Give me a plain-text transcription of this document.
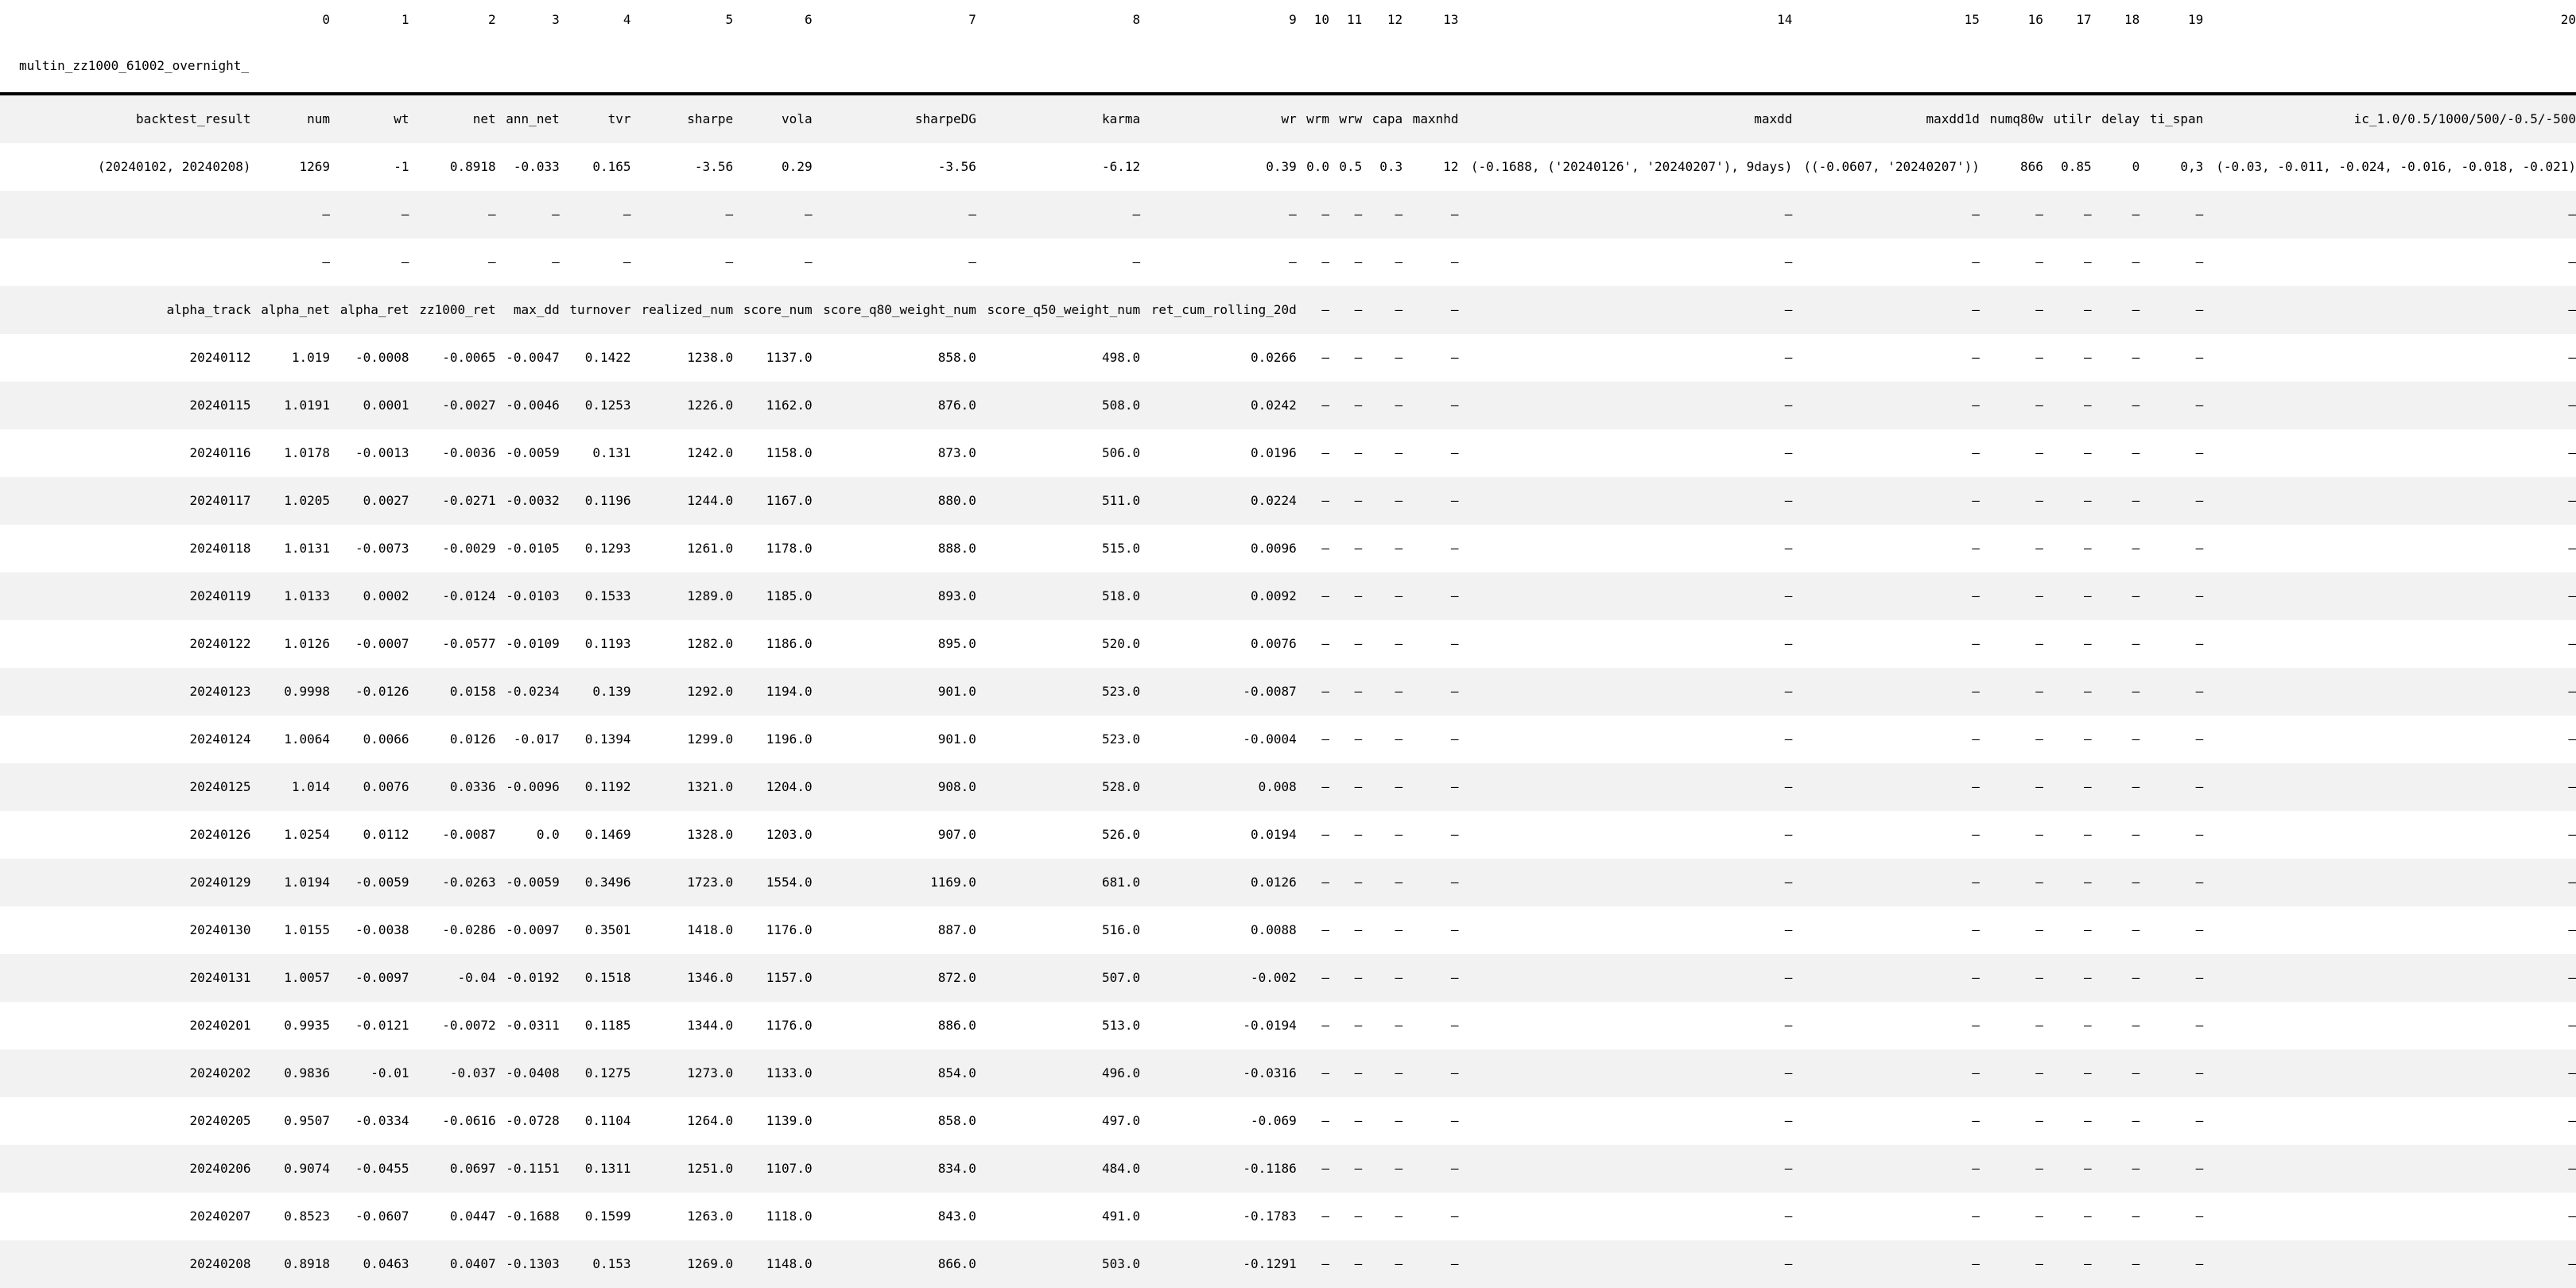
	0	1	2	3	4	5	6	7	8	9	10	11	12	13	14	15	16	17	18	19	20
multin_zz1000_61002_overnight_																					
backtest_result	num	wt	net	ann_net	tvr	sharpe	vola	sharpeDG	karma	wr	wrm	wrw	capa	maxnhd	maxdd	maxdd1d	numq80w	utilr	delay	ti_span	ic_1.0/0.5/1000/500/-0.5/-500
(20240102, 20240208)	1269	-1	0.8918	-0.033	0.165	-3.56	0.29	-3.56	-6.12	0.39	0.0	0.5	0.3	12	(-0.1688, ('20240126', '20240207'), 9days)	((-0.0607, '20240207'))	866	0.85	0	0,3	(-0.03, -0.011, -0.024, -0.016, -0.018, -0.021)
	—	—	—	—	—	—	—	—	—	—	—	—	—	—	—	—	—	—	—	—	—
	—	—	—	—	—	—	—	—	—	—	—	—	—	—	—	—	—	—	—	—	—
alpha_track	alpha_net	alpha_ret	zz1000_ret	max_dd	turnover	realized_num	score_num	score_q80_weight_num	score_q50_weight_num	ret_cum_rolling_20d	—	—	—	—	—	—	—	—	—	—	—
20240112	1.019	-0.0008	-0.0065	-0.0047	0.1422	1238.0	1137.0	858.0	498.0	0.0266	—	—	—	—	—	—	—	—	—	—	—
20240115	1.0191	0.0001	-0.0027	-0.0046	0.1253	1226.0	1162.0	876.0	508.0	0.0242	—	—	—	—	—	—	—	—	—	—	—
20240116	1.0178	-0.0013	-0.0036	-0.0059	0.131	1242.0	1158.0	873.0	506.0	0.0196	—	—	—	—	—	—	—	—	—	—	—
20240117	1.0205	0.0027	-0.0271	-0.0032	0.1196	1244.0	1167.0	880.0	511.0	0.0224	—	—	—	—	—	—	—	—	—	—	—
20240118	1.0131	-0.0073	-0.0029	-0.0105	0.1293	1261.0	1178.0	888.0	515.0	0.0096	—	—	—	—	—	—	—	—	—	—	—
20240119	1.0133	0.0002	-0.0124	-0.0103	0.1533	1289.0	1185.0	893.0	518.0	0.0092	—	—	—	—	—	—	—	—	—	—	—
20240122	1.0126	-0.0007	-0.0577	-0.0109	0.1193	1282.0	1186.0	895.0	520.0	0.0076	—	—	—	—	—	—	—	—	—	—	—
20240123	0.9998	-0.0126	0.0158	-0.0234	0.139	1292.0	1194.0	901.0	523.0	-0.0087	—	—	—	—	—	—	—	—	—	—	—
20240124	1.0064	0.0066	0.0126	-0.017	0.1394	1299.0	1196.0	901.0	523.0	-0.0004	—	—	—	—	—	—	—	—	—	—	—
20240125	1.014	0.0076	0.0336	-0.0096	0.1192	1321.0	1204.0	908.0	528.0	0.008	—	—	—	—	—	—	—	—	—	—	—
20240126	1.0254	0.0112	-0.0087	0.0	0.1469	1328.0	1203.0	907.0	526.0	0.0194	—	—	—	—	—	—	—	—	—	—	—
20240129	1.0194	-0.0059	-0.0263	-0.0059	0.3496	1723.0	1554.0	1169.0	681.0	0.0126	—	—	—	—	—	—	—	—	—	—	—
20240130	1.0155	-0.0038	-0.0286	-0.0097	0.3501	1418.0	1176.0	887.0	516.0	0.0088	—	—	—	—	—	—	—	—	—	—	—
20240131	1.0057	-0.0097	-0.04	-0.0192	0.1518	1346.0	1157.0	872.0	507.0	-0.002	—	—	—	—	—	—	—	—	—	—	—
20240201	0.9935	-0.0121	-0.0072	-0.0311	0.1185	1344.0	1176.0	886.0	513.0	-0.0194	—	—	—	—	—	—	—	—	—	—	—
20240202	0.9836	-0.01	-0.037	-0.0408	0.1275	1273.0	1133.0	854.0	496.0	-0.0316	—	—	—	—	—	—	—	—	—	—	—
20240205	0.9507	-0.0334	-0.0616	-0.0728	0.1104	1264.0	1139.0	858.0	497.0	-0.069	—	—	—	—	—	—	—	—	—	—	—
20240206	0.9074	-0.0455	0.0697	-0.1151	0.1311	1251.0	1107.0	834.0	484.0	-0.1186	—	—	—	—	—	—	—	—	—	—	—
20240207	0.8523	-0.0607	0.0447	-0.1688	0.1599	1263.0	1118.0	843.0	491.0	-0.1783	—	—	—	—	—	—	—	—	—	—	—
20240208	0.8918	0.0463	0.0407	-0.1303	0.153	1269.0	1148.0	866.0	503.0	-0.1291	—	—	—	—	—	—	—	—	—	—	—
